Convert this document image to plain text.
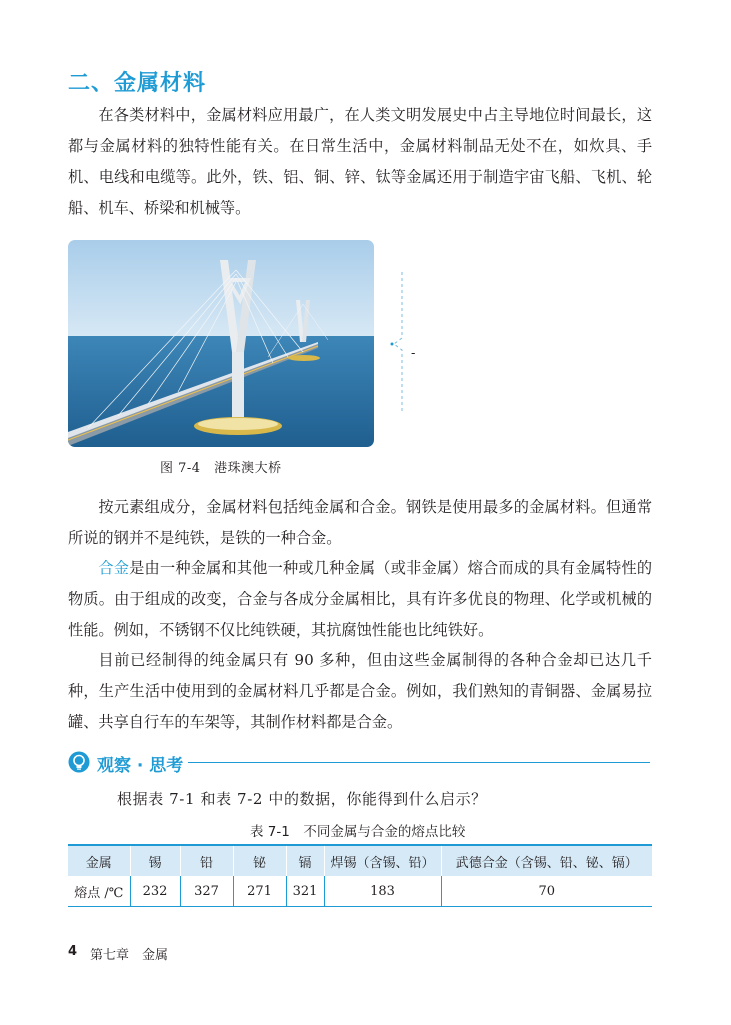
二、金属材料
在各类材料中，金属材料应用最广，在人类文明发展史中占主导地位时间最长，这都与金属材料的独特性能有关。在日常生活中，金属材料制品无处不在，如炊具、手机、电线和电缆等。此外，铁、铝、铜、锌、钛等金属还用于制造宇宙飞船、飞机、轮船、机车、桥梁和机械等。
图 7-4　港珠澳大桥
-
按元素组成分，金属材料包括纯金属和合金。钢铁是使用最多的金属材料。但通常所说的钢并不是纯铁，是铁的一种合金。
合金是由一种金属和其他一种或几种金属（或非金属）熔合而成的具有金属特性的物质。由于组成的改变，合金与各成分金属相比，具有许多优良的物理、化学或机械的性能。例如，不锈钢不仅比纯铁硬，其抗腐蚀性能也比纯铁好。
目前已经制得的纯金属只有 90 多种，但由这些金属制得的各种合金却已达几千种，生产生活中使用到的金属材料几乎都是合金。例如，我们熟知的青铜器、金属易拉罐、共享自行车的车架等，其制作材料都是合金。
观察 · 思考
根据表 7-1 和表 7-2 中的数据，你能得到什么启示？
表 7-1　不同金属与合金的熔点比较
金属	锡	铅	铋	镉	焊锡（含锡、铅）	武德合金（含锡、铅、铋、镉）
熔点 /℃	232	327	271	321	183	70
4 第七章　金属
